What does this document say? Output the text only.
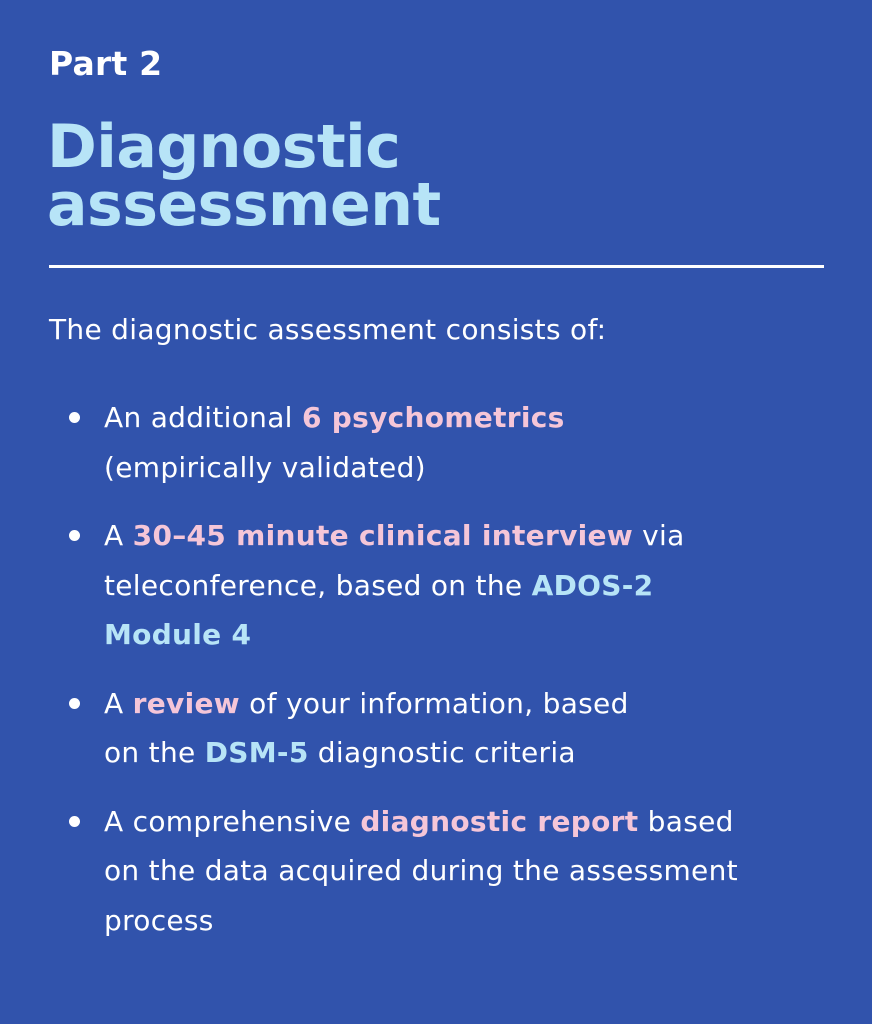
Part 2
Diagnostic
assessment
The diagnostic assessment consists of:
An additional 6 psychometrics
(empirically validated)
A 30–45 minute clinical interview via
teleconference, based on the ADOS-2
Module 4
A review of your information, based
on the DSM-5 diagnostic criteria
A comprehensive diagnostic report based
on the data acquired during the assessment
process
